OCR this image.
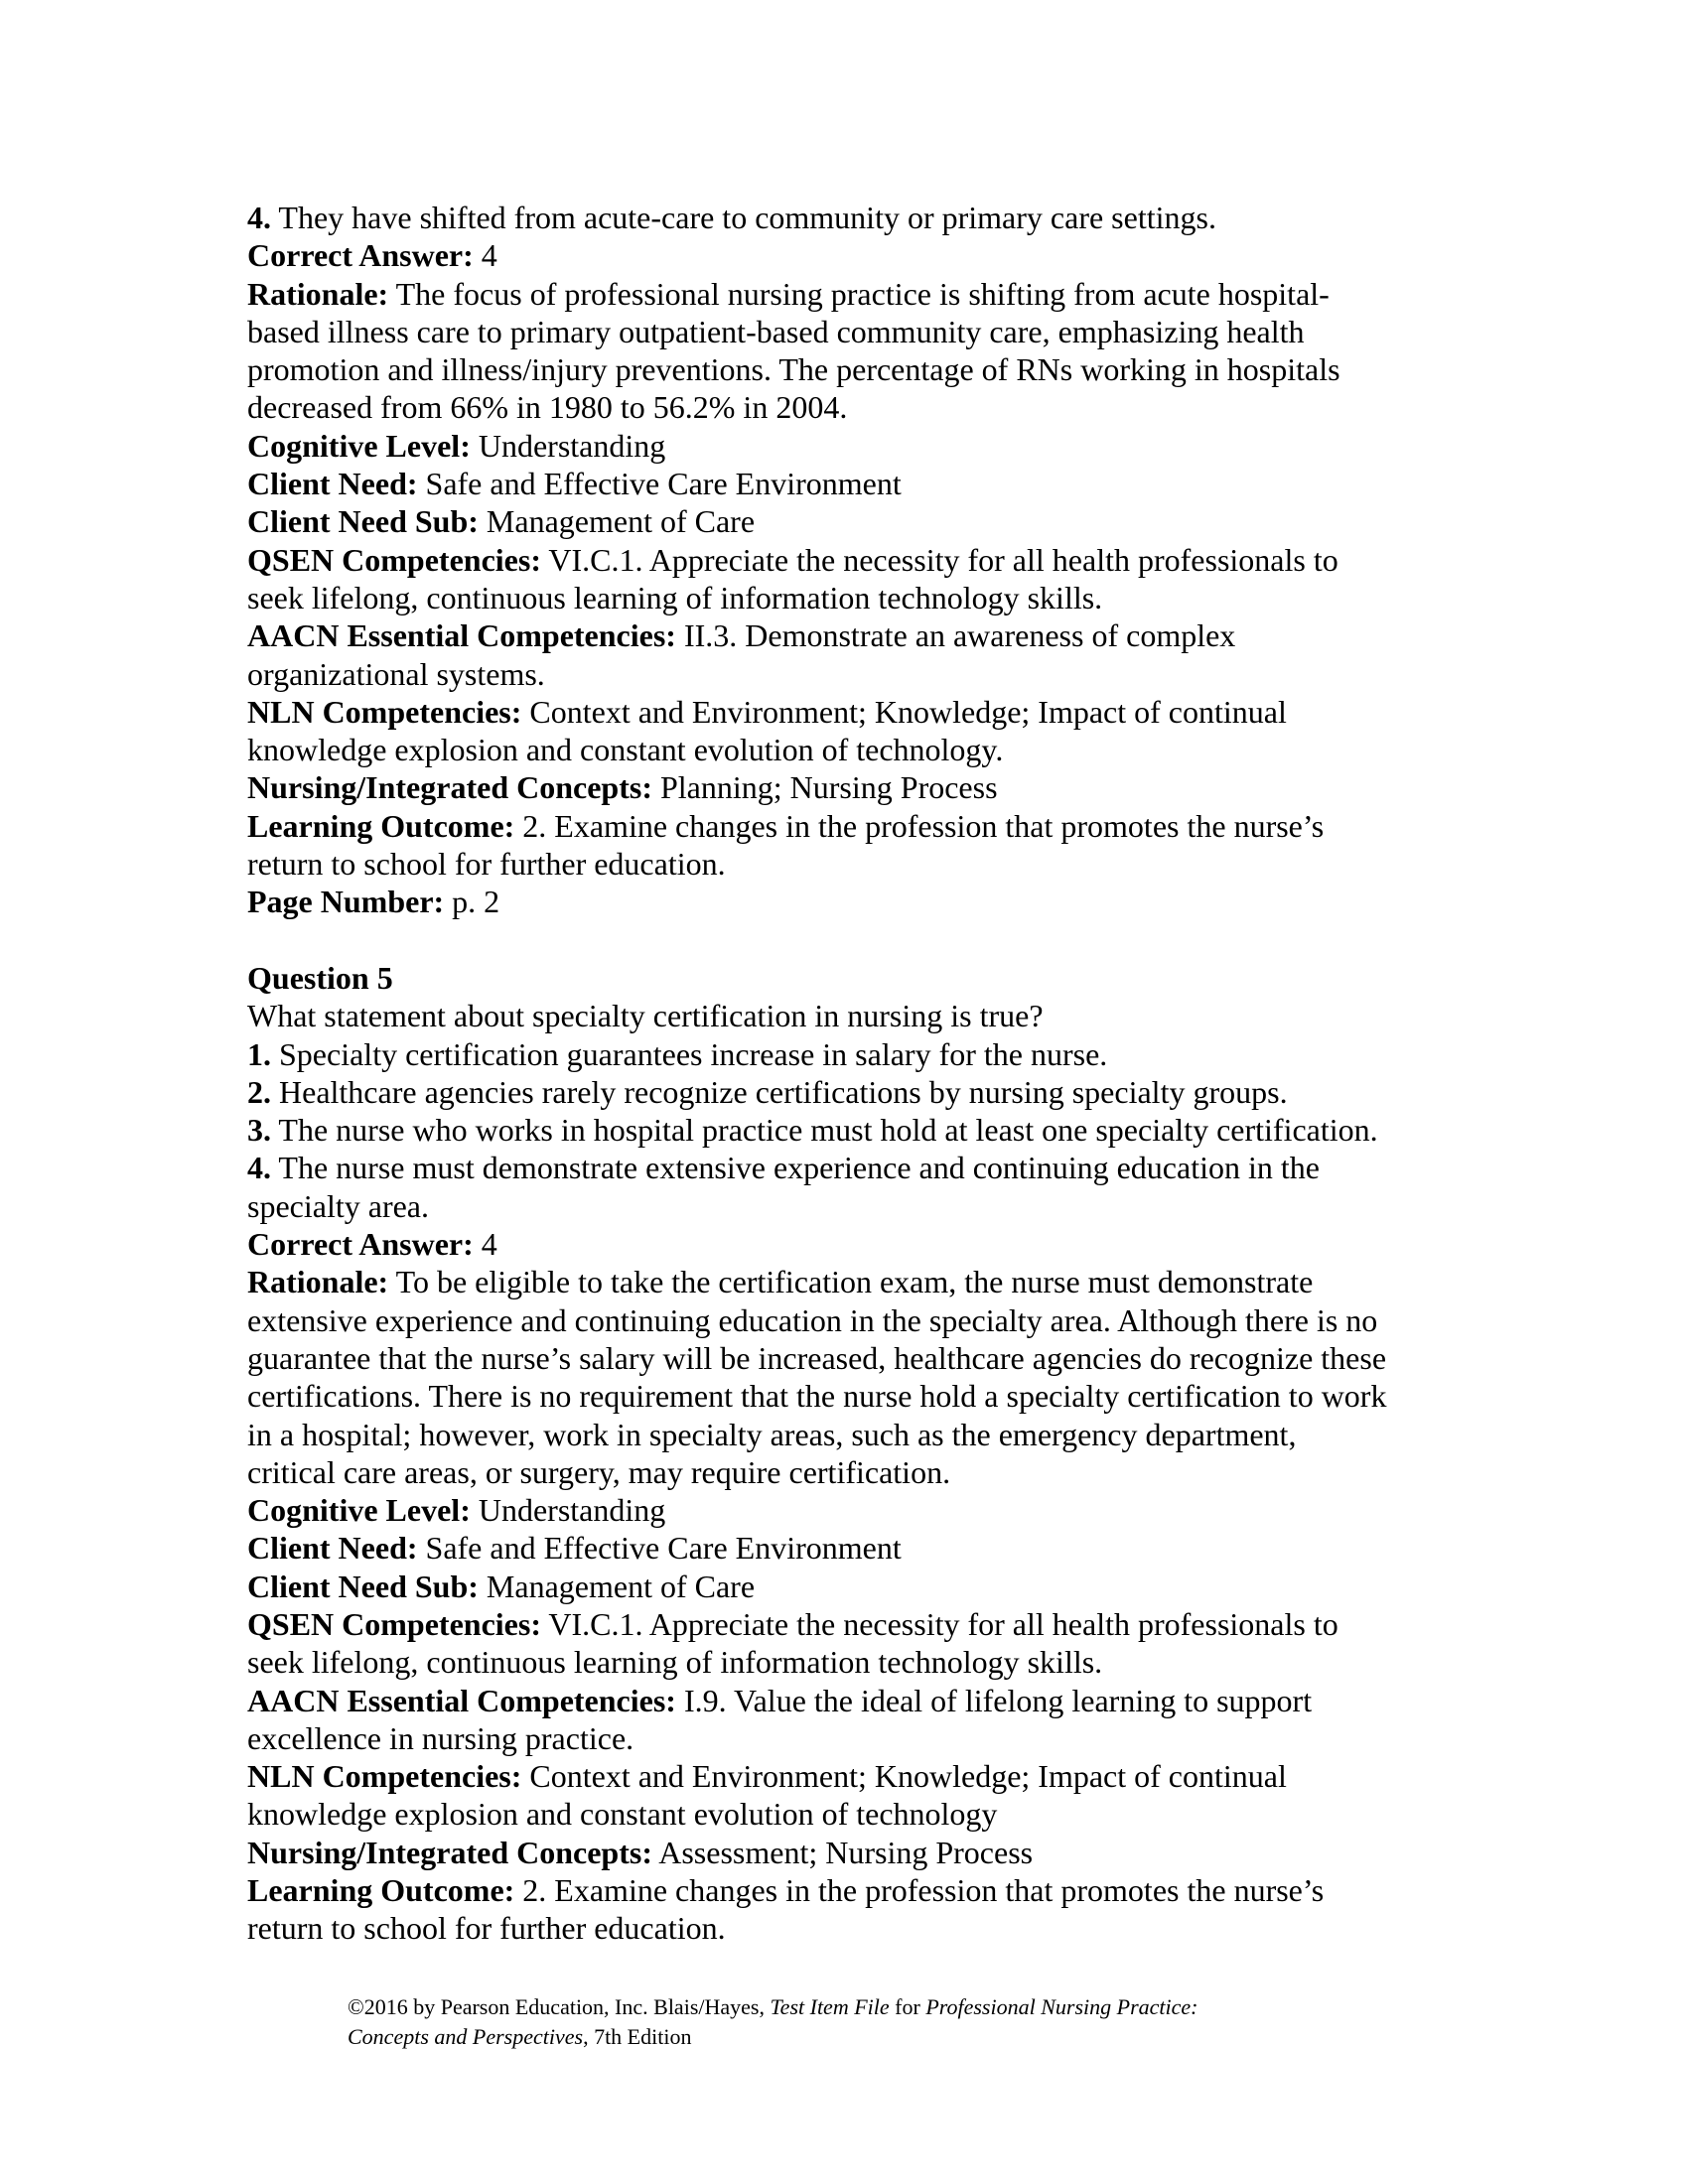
4. They have shifted from acute-care to community or primary care settings.
Correct Answer: 4
Rationale: The focus of professional nursing practice is shifting from acute hospital-
based illness care to primary outpatient-based community care, emphasizing health
promotion and illness/injury preventions. The percentage of RNs working in hospitals
decreased from 66% in 1980 to 56.2% in 2004.
Cognitive Level: Understanding
Client Need: Safe and Effective Care Environment
Client Need Sub: Management of Care
QSEN Competencies: VI.C.1. Appreciate the necessity for all health professionals to
seek lifelong, continuous learning of information technology skills.
AACN Essential Competencies: II.3. Demonstrate an awareness of complex
organizational systems.
NLN Competencies: Context and Environment; Knowledge; Impact of continual
knowledge explosion and constant evolution of technology.
Nursing/Integrated Concepts: Planning; Nursing Process
Learning Outcome: 2. Examine changes in the profession that promotes the nurse’s
return to school for further education.
Page Number: p. 2
Question 5
What statement about specialty certification in nursing is true?
1. Specialty certification guarantees increase in salary for the nurse.
2. Healthcare agencies rarely recognize certifications by nursing specialty groups.
3. The nurse who works in hospital practice must hold at least one specialty certification.
4. The nurse must demonstrate extensive experience and continuing education in the
specialty area.
Correct Answer: 4
Rationale: To be eligible to take the certification exam, the nurse must demonstrate
extensive experience and continuing education in the specialty area. Although there is no
guarantee that the nurse’s salary will be increased, healthcare agencies do recognize these
certifications. There is no requirement that the nurse hold a specialty certification to work
in a hospital; however, work in specialty areas, such as the emergency department,
critical care areas, or surgery, may require certification.
Cognitive Level: Understanding
Client Need: Safe and Effective Care Environment
Client Need Sub: Management of Care
QSEN Competencies: VI.C.1. Appreciate the necessity for all health professionals to
seek lifelong, continuous learning of information technology skills.
AACN Essential Competencies: I.9. Value the ideal of lifelong learning to support
excellence in nursing practice.
NLN Competencies: Context and Environment; Knowledge; Impact of continual
knowledge explosion and constant evolution of technology
Nursing/Integrated Concepts: Assessment; Nursing Process
Learning Outcome: 2. Examine changes in the profession that promotes the nurse’s
return to school for further education.
©2016 by Pearson Education, Inc. Blais/Hayes, Test Item File for Professional Nursing Practice:
Concepts and Perspectives, 7th Edition
